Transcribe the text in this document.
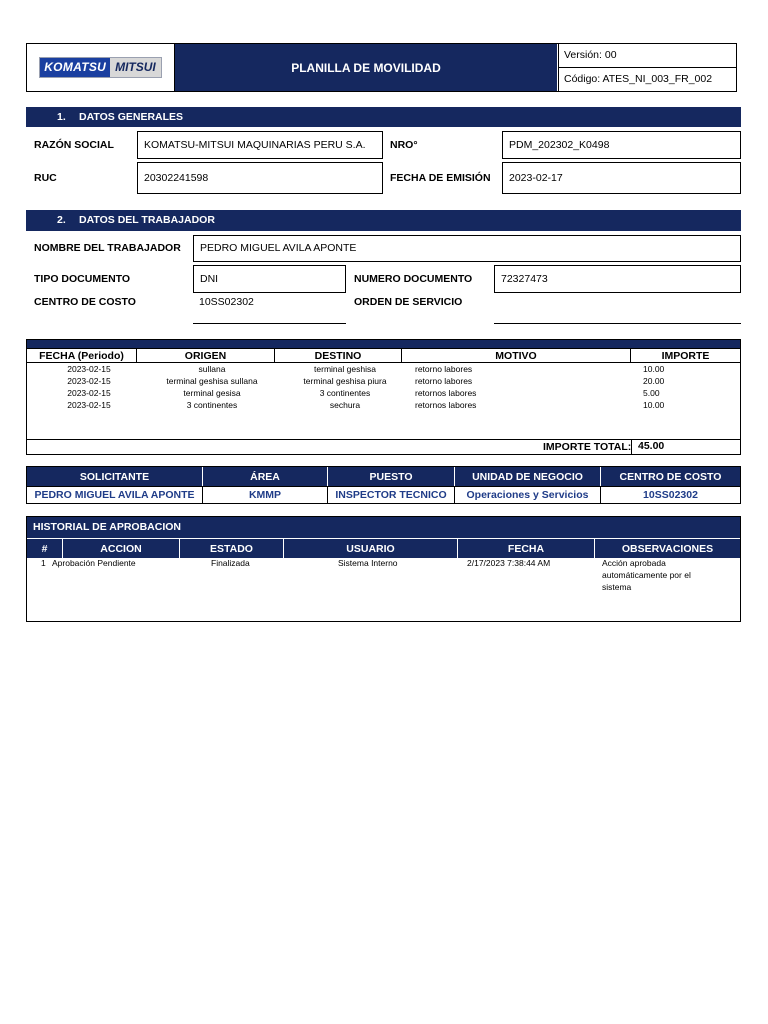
KOMATSU MITSUI	PLANILLA DE MOVILIDAD
Versión: 00
Código: ATES_NI_003_FR_002
1. DATOS GENERALES
RAZÓN SOCIAL	KOMATSU-MITSUI MAQUINARIAS PERU S.A.	NRO°	PDM_202302_K0498
RUC	20302241598	FECHA DE EMISIÓN	2023-02-17
2. DATOS DEL TRABAJADOR
NOMBRE DEL TRABAJADOR	PEDRO MIGUEL AVILA APONTE
TIPO DOCUMENTO	DNI	NUMERO DOCUMENTO	72327473
CENTRO DE COSTO	10SS02302	ORDEN DE SERVICIO
FECHA (Periodo)	ORIGEN	DESTINO	MOTIVO	IMPORTE
2023-02-15	sullana	terminal geshisa	retorno labores	10.00
2023-02-15	terminal geshisa sullana	terminal geshisa piura	retorno labores	20.00
2023-02-15	terminal gesisa	3 continentes	retornos labores	5.00
2023-02-15	3 continentes	sechura	retornos labores	10.00
IMPORTE TOTAL: 45.00
SOLICITANTE	ÁREA	PUESTO	UNIDAD DE NEGOCIO	CENTRO DE COSTO
PEDRO MIGUEL AVILA APONTE	KMMP	INSPECTOR TECNICO	Operaciones y Servicios	10SS02302
HISTORIAL DE APROBACION
#	ACCION	ESTADO	USUARIO	FECHA	OBSERVACIONES
1 Aprobación Pendiente	Finalizada	Sistema Interno	2/17/2023 7:38:44 AM	Acción aprobada
automáticamente por el
sistema
